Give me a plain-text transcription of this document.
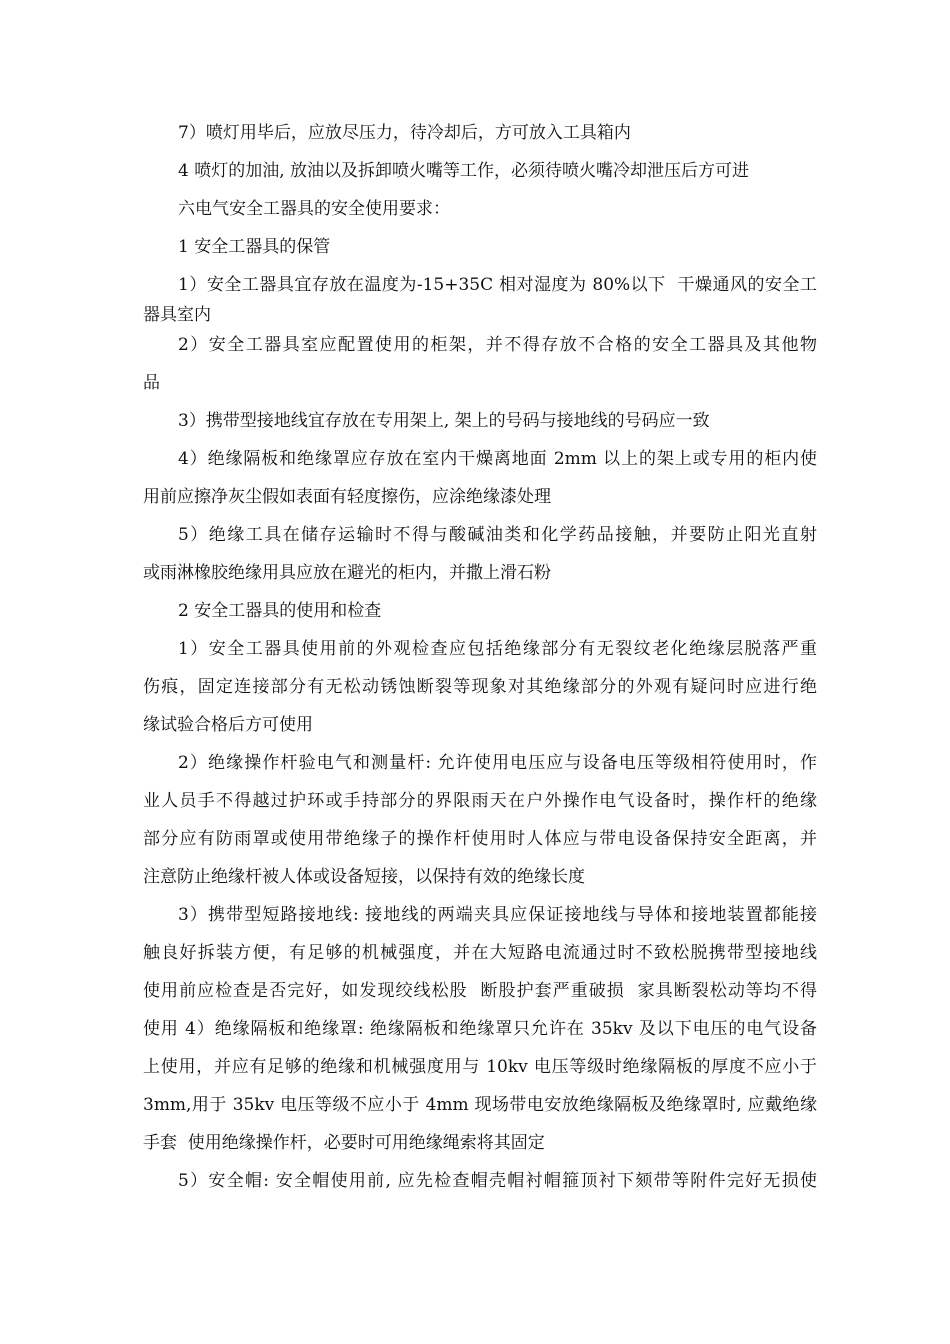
7）喷灯用毕后，应放尽压力，待冷却后，方可放入工具箱内
4 喷灯的加油, 放油以及拆卸喷火嘴等工作，必须待喷火嘴冷却泄压后方可进
六电气安全工器具的安全使用要求：
1 安全工器具的保管
1）安全工器具宜存放在温度为-15+35C 相对湿度为 80%以下  干燥通风的安全工
器具室内
2）安全工器具室应配置使用的柜架，并不得存放不合格的安全工器具及其他物
品
3）携带型接地线宜存放在专用架上, 架上的号码与接地线的号码应一致
4）绝缘隔板和绝缘罩应存放在室内干燥离地面 2mm 以上的架上或专用的柜内使
用前应擦净灰尘假如表面有轻度擦伤，应涂绝缘漆处理
5）绝缘工具在储存运输时不得与酸碱油类和化学药品接触，并要防止阳光直射
或雨淋橡胶绝缘用具应放在避光的柜内，并撒上滑石粉
2 安全工器具的使用和检查
1）安全工器具使用前的外观检查应包括绝缘部分有无裂纹老化绝缘层脱落严重
伤痕，固定连接部分有无松动锈蚀断裂等现象对其绝缘部分的外观有疑问时应进行绝
缘试验合格后方可使用
2）绝缘操作杆验电气和测量杆: 允许使用电压应与设备电压等级相符使用时，作
业人员手不得越过护环或手持部分的界限雨天在户外操作电气设备时，操作杆的绝缘
部分应有防雨罩或使用带绝缘子的操作杆使用时人体应与带电设备保持安全距离，并
注意防止绝缘杆被人体或设备短接，以保持有效的绝缘长度
3）携带型短路接地线: 接地线的两端夹具应保证接地线与导体和接地装置都能接
触良好拆装方便，有足够的机械强度，并在大短路电流通过时不致松脱携带型接地线
使用前应检查是否完好，如发现绞线松股  断股护套严重破损  家具断裂松动等均不得
使用 4）绝缘隔板和绝缘罩: 绝缘隔板和绝缘罩只允许在 35kv 及以下电压的电气设备
上使用，并应有足够的绝缘和机械强度用与 10kv 电压等级时绝缘隔板的厚度不应小于
3mm,用于 35kv 电压等级不应小于 4mm 现场带电安放绝缘隔板及绝缘罩时, 应戴绝缘
手套  使用绝缘操作杆，必要时可用绝缘绳索将其固定
5）安全帽: 安全帽使用前, 应先检查帽壳帽衬帽箍顶衬下颏带等附件完好无损使
